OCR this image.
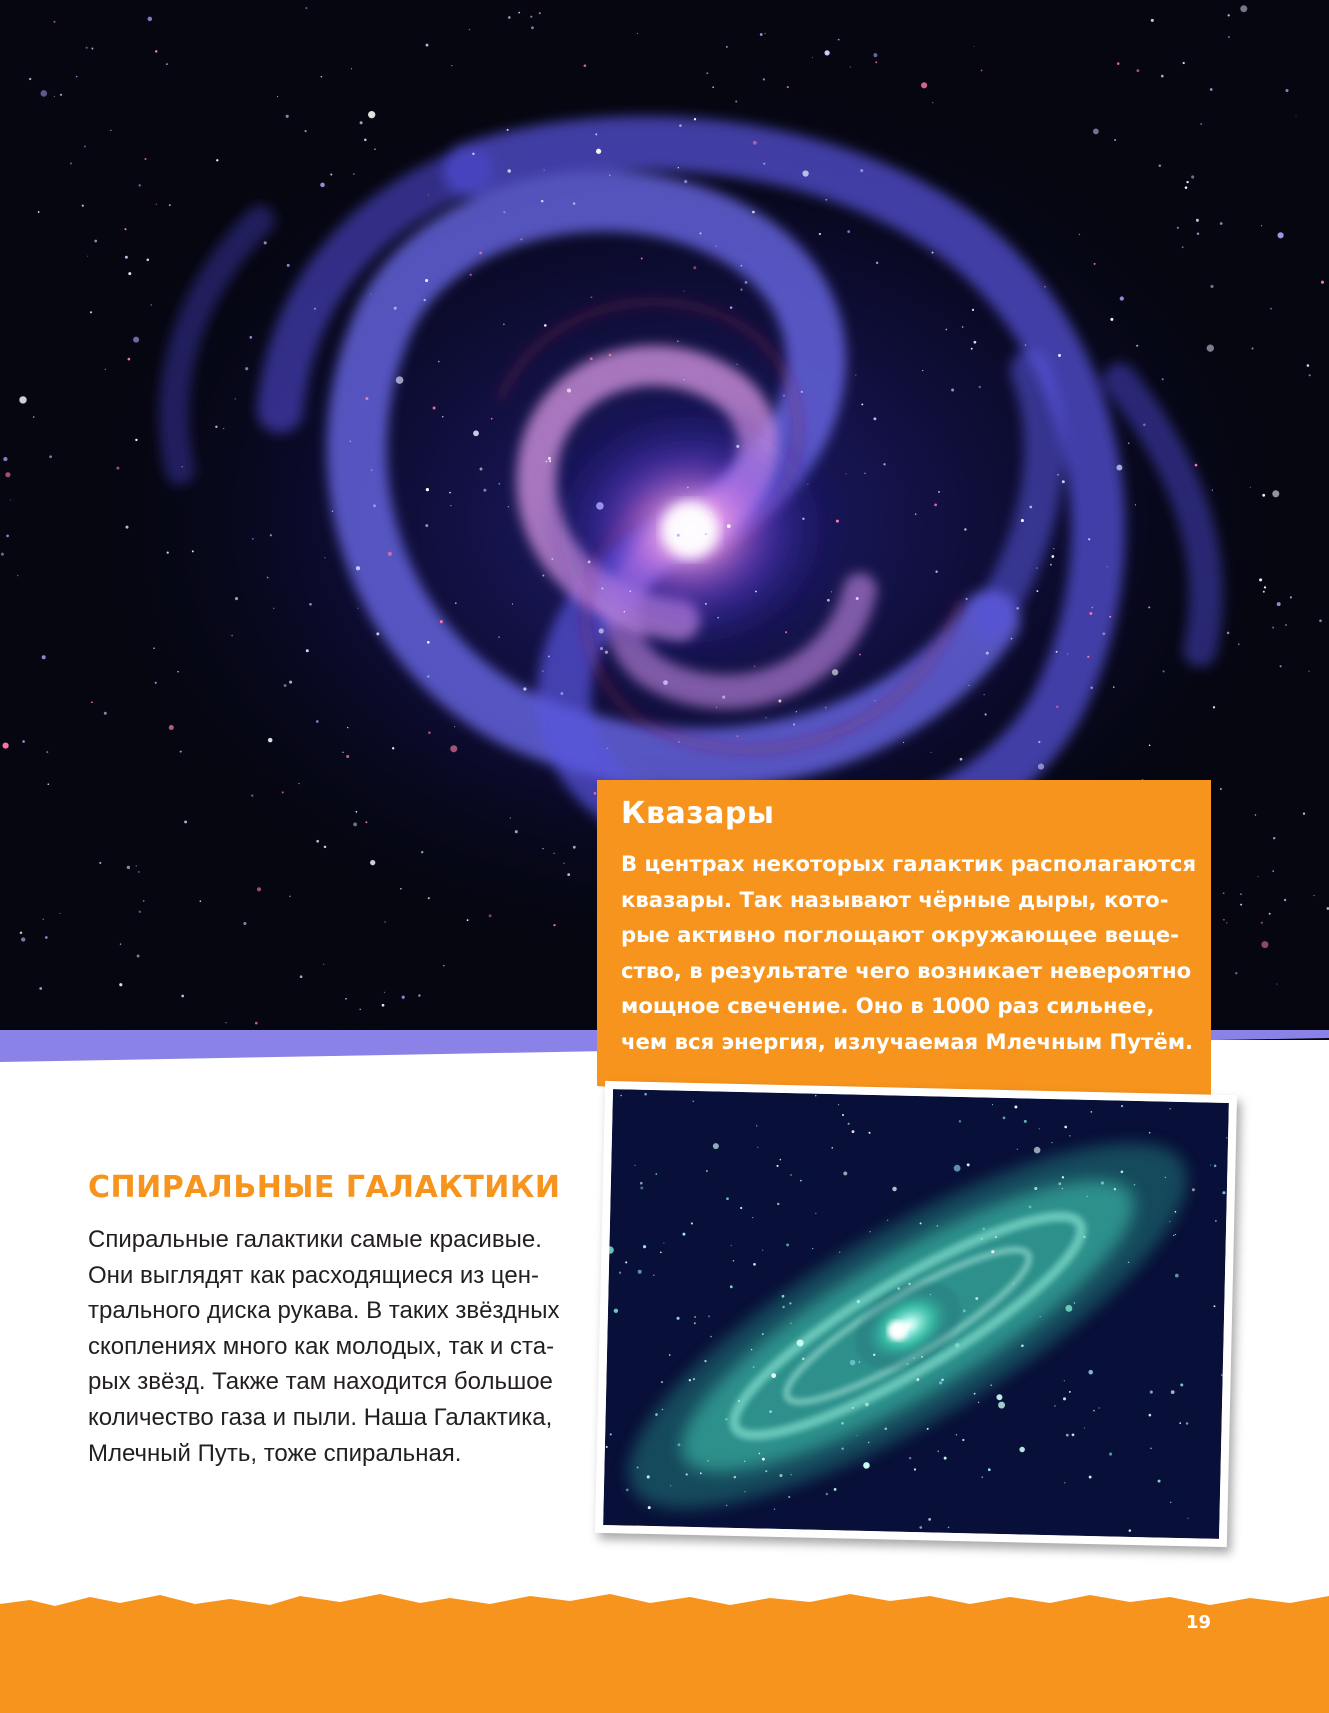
Квазары
В центрах некоторых галактик располагаются
квазары. Так называют чёрные дыры, кото-
рые активно поглощают окружающее веще-
ство, в результате чего возникает невероятно
мощное свечение. Оно в 1000 раз сильнее,
чем вся энергия, излучаемая Млечным Путём.
СПИРАЛЬНЫЕ ГАЛАКТИКИ
Спиральные галактики самые красивые.
Они выглядят как расходящиеся из цен-
трального диска рукава. В таких звёздных
скоплениях много как молодых, так и ста-
рых звёзд. Также там находится большое
количество газа и пыли. Наша Галактика,
Млечный Путь, тоже спиральная.
19
